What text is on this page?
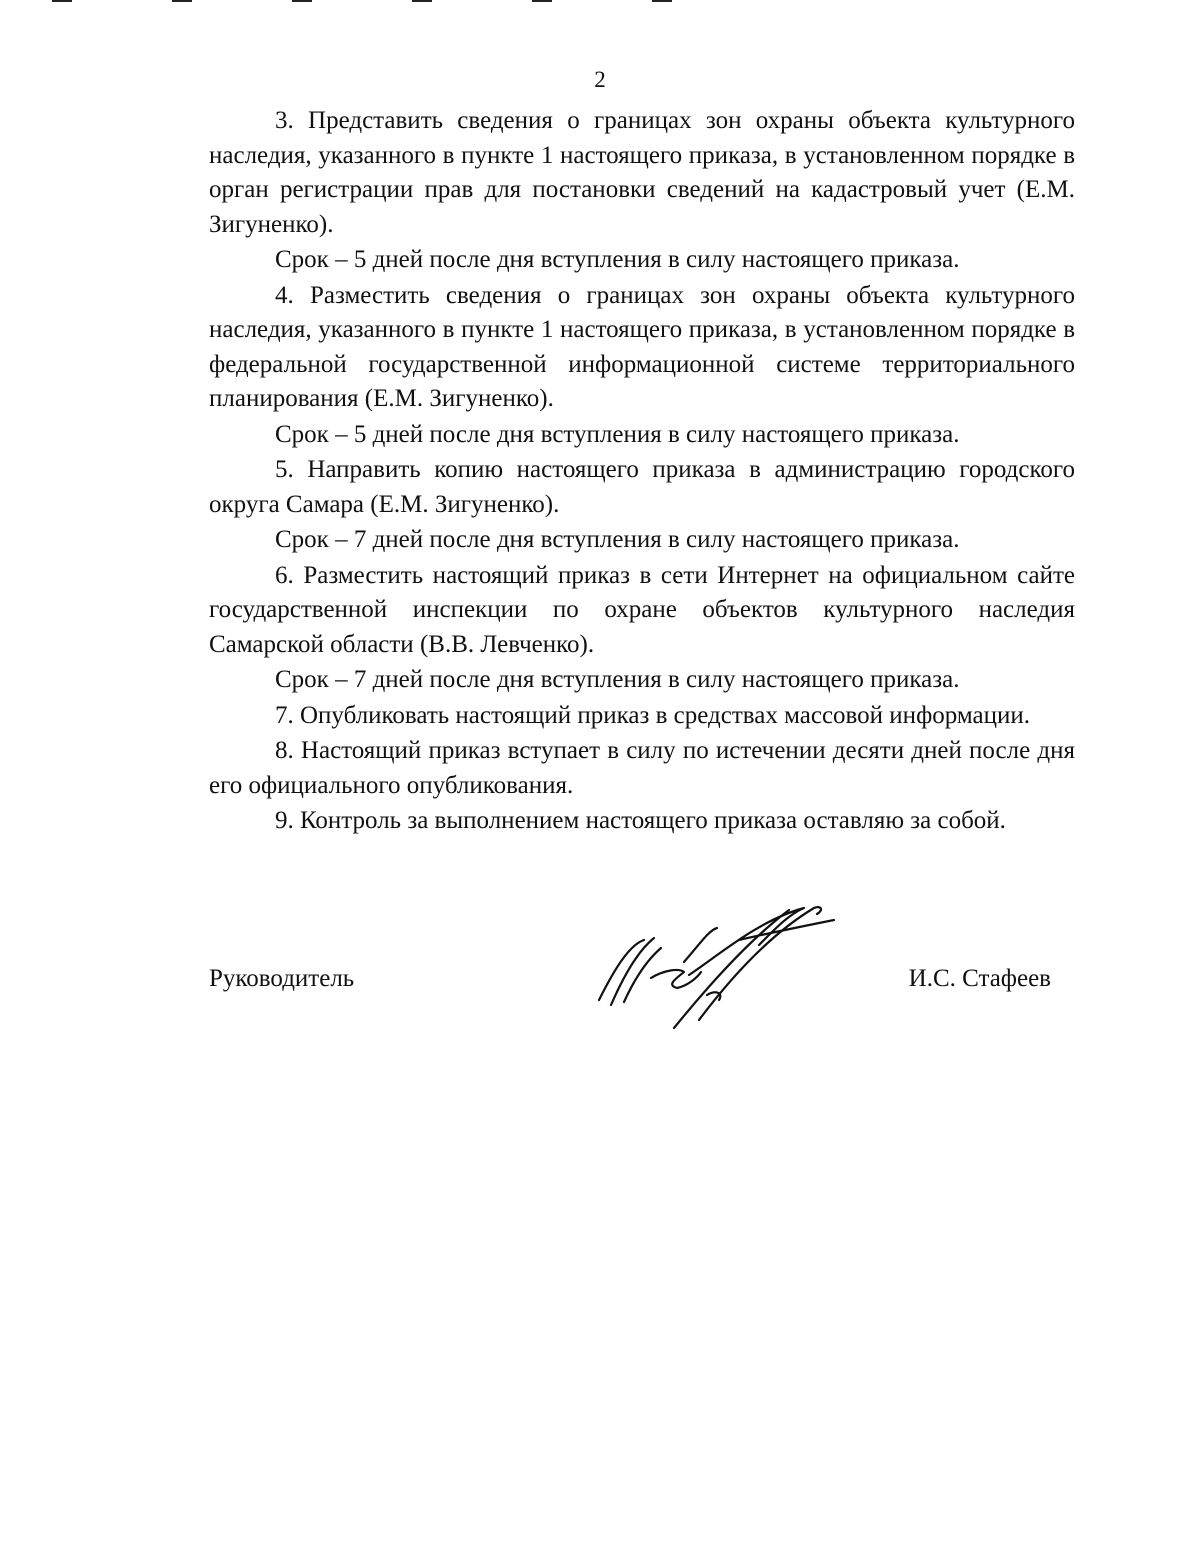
2

3. Представить сведения о границах зон охраны объекта культурного наследия, указанного в пункте 1 настоящего приказа, в установленном порядке в орган регистрации прав для постановки сведений на кадастровый учет (Е.М. Зигуненко).

Срок – 5 дней после дня вступления в силу настоящего приказа.

4. Разместить сведения о границах зон охраны объекта культурного наследия, указанного в пункте 1 настоящего приказа, в установленном порядке в федеральной государственной информационной системе территориального планирования (Е.М. Зигуненко).

Срок – 5 дней после дня вступления в силу настоящего приказа.

5. Направить копию настоящего приказа в администрацию городского округа Самара (Е.М. Зигуненко).

Срок – 7 дней после дня вступления в силу настоящего приказа.

6. Разместить настоящий приказ в сети Интернет на официальном сайте государственной инспекции по охране объектов культурного наследия Самарской области (В.В. Левченко).

Срок – 7 дней после дня вступления в силу настоящего приказа.

7. Опубликовать настоящий приказ в средствах массовой информации.

8. Настоящий приказ вступает в силу по истечении десяти дней после дня его официального опубликования.

9. Контроль за выполнением настоящего приказа оставляю за собой.

Руководитель	И.С. Стафеев
